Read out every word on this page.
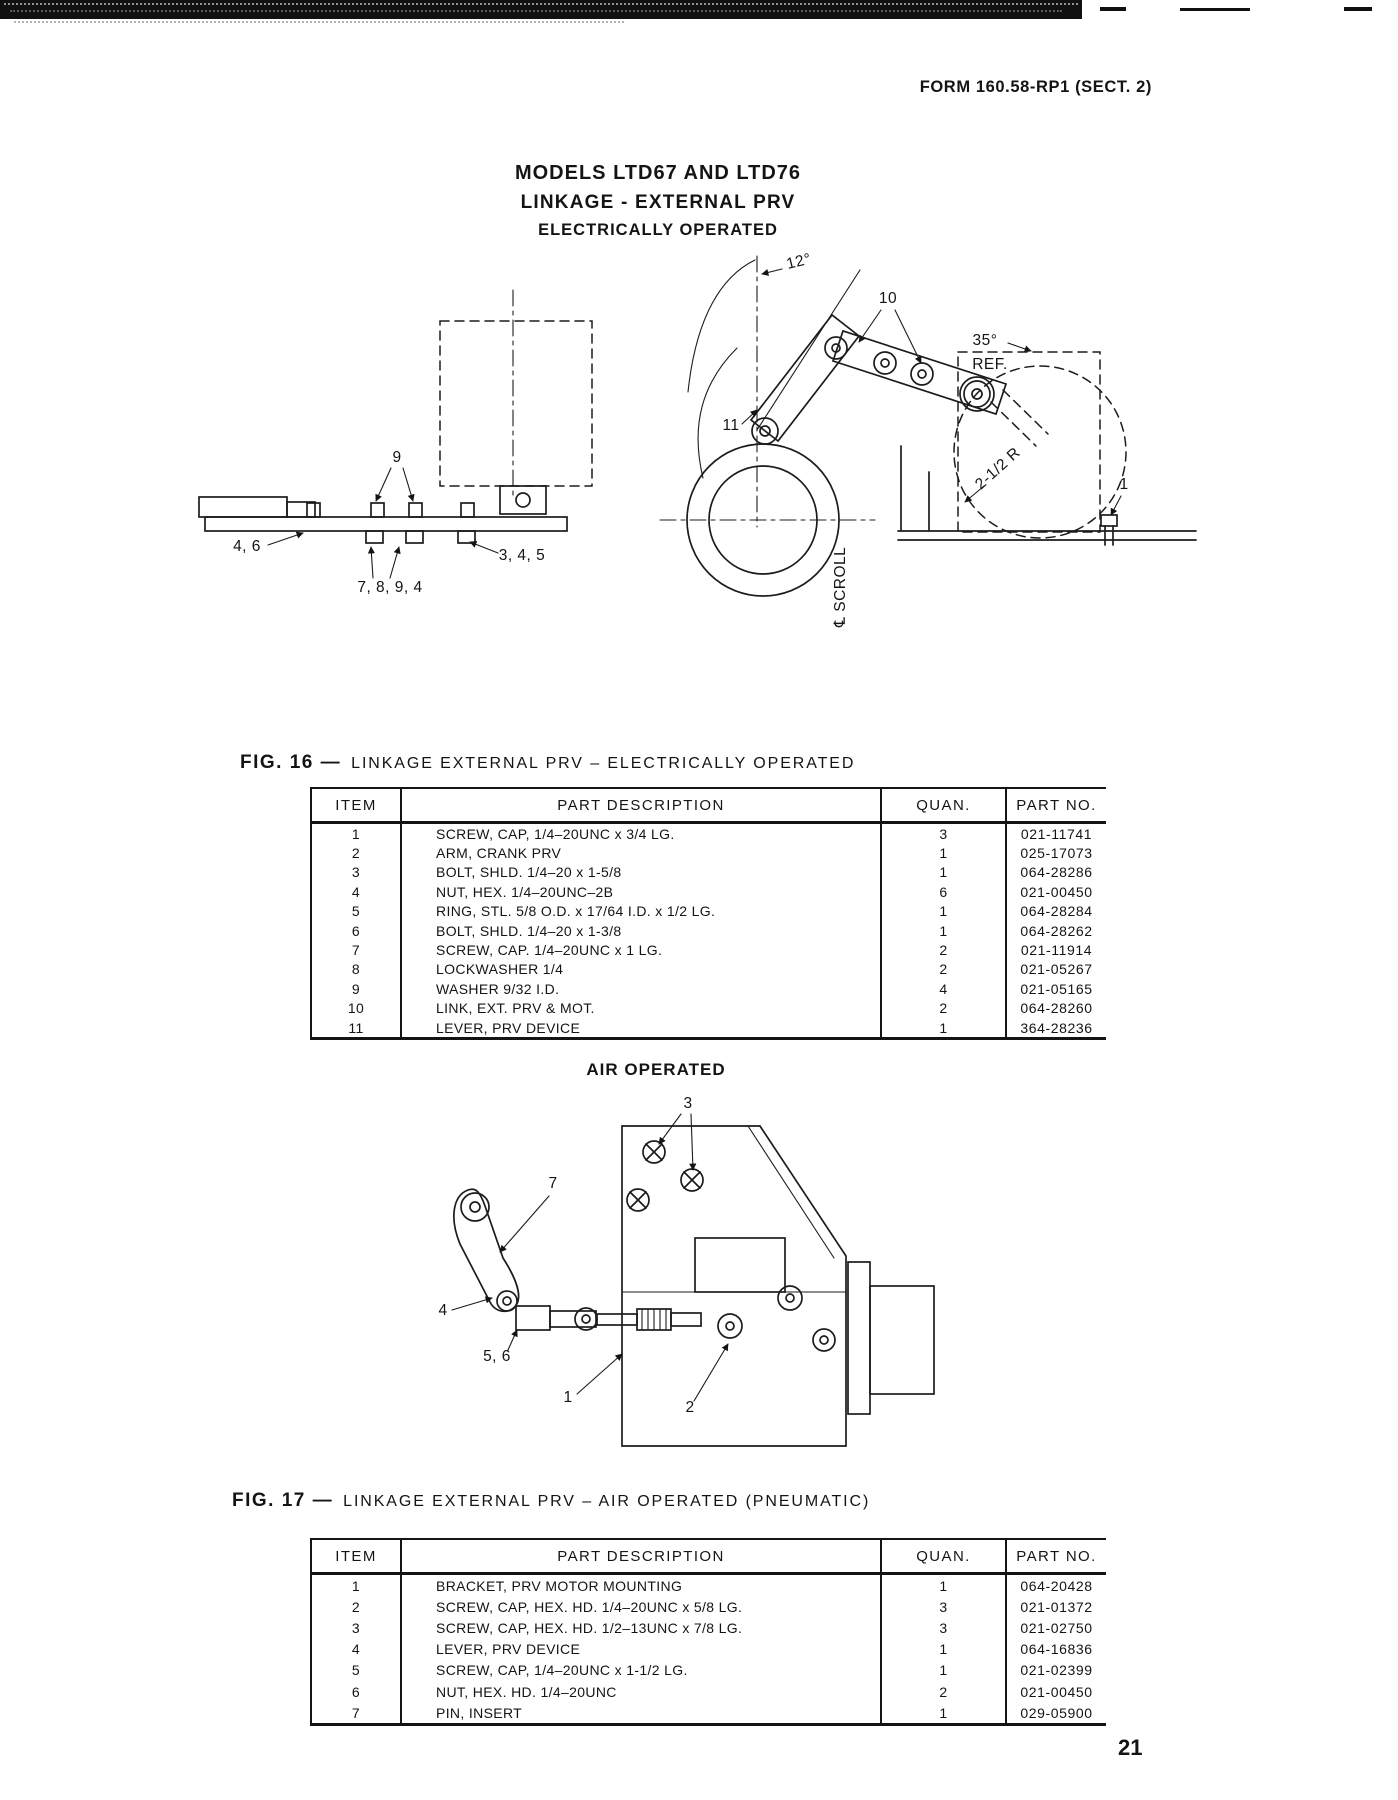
FORM 160.58-RP1 (SECT. 2)
MODELS LTD67 AND LTD76
LINKAGE - EXTERNAL PRV
ELECTRICALLY OPERATED
9
4, 6
3, 4, 5
7, 8, 9, 4
12°
10
35°
REF.
11
2-1/2 R	1
℄ SCROLL
FIG. 16 — LINKAGE EXTERNAL PRV – ELECTRICALLY OPERATED
ITEM	PART DESCRIPTION	QUAN.	PART NO.
1	SCREW, CAP, 1/4–20UNC x 3/4 LG.	3	021-11741
2	ARM, CRANK PRV	1	025-17073
3	BOLT, SHLD. 1/4–20 x 1-5/8	1	064-28286
4	NUT, HEX. 1/4–20UNC–2B	6	021-00450
5	RING, STL. 5/8 O.D. x 17/64 I.D. x 1/2 LG.	1	064-28284
6	BOLT, SHLD. 1/4–20 x 1-3/8	1	064-28262
7	SCREW, CAP. 1/4–20UNC x 1 LG.	2	021-11914
8	LOCKWASHER 1/4	2	021-05267
9	WASHER 9/32 I.D.	4	021-05165
10	LINK, EXT. PRV & MOT.	2	064-28260
11	LEVER, PRV DEVICE	1	364-28236
AIR OPERATED
3
7
4
5, 6
1
2
FIG. 17 — LINKAGE EXTERNAL PRV – AIR OPERATED (PNEUMATIC)
ITEM	PART DESCRIPTION	QUAN.	PART NO.
1	BRACKET, PRV MOTOR MOUNTING	1	064-20428
2	SCREW, CAP, HEX. HD. 1/4–20UNC x 5/8 LG.	3	021-01372
3	SCREW, CAP, HEX. HD. 1/2–13UNC x 7/8 LG.	3	021-02750
4	LEVER, PRV DEVICE	1	064-16836
5	SCREW, CAP, 1/4–20UNC x 1-1/2 LG.	1	021-02399
6	NUT, HEX. HD. 1/4–20UNC	2	021-00450
7	PIN, INSERT	1	029-05900
21
